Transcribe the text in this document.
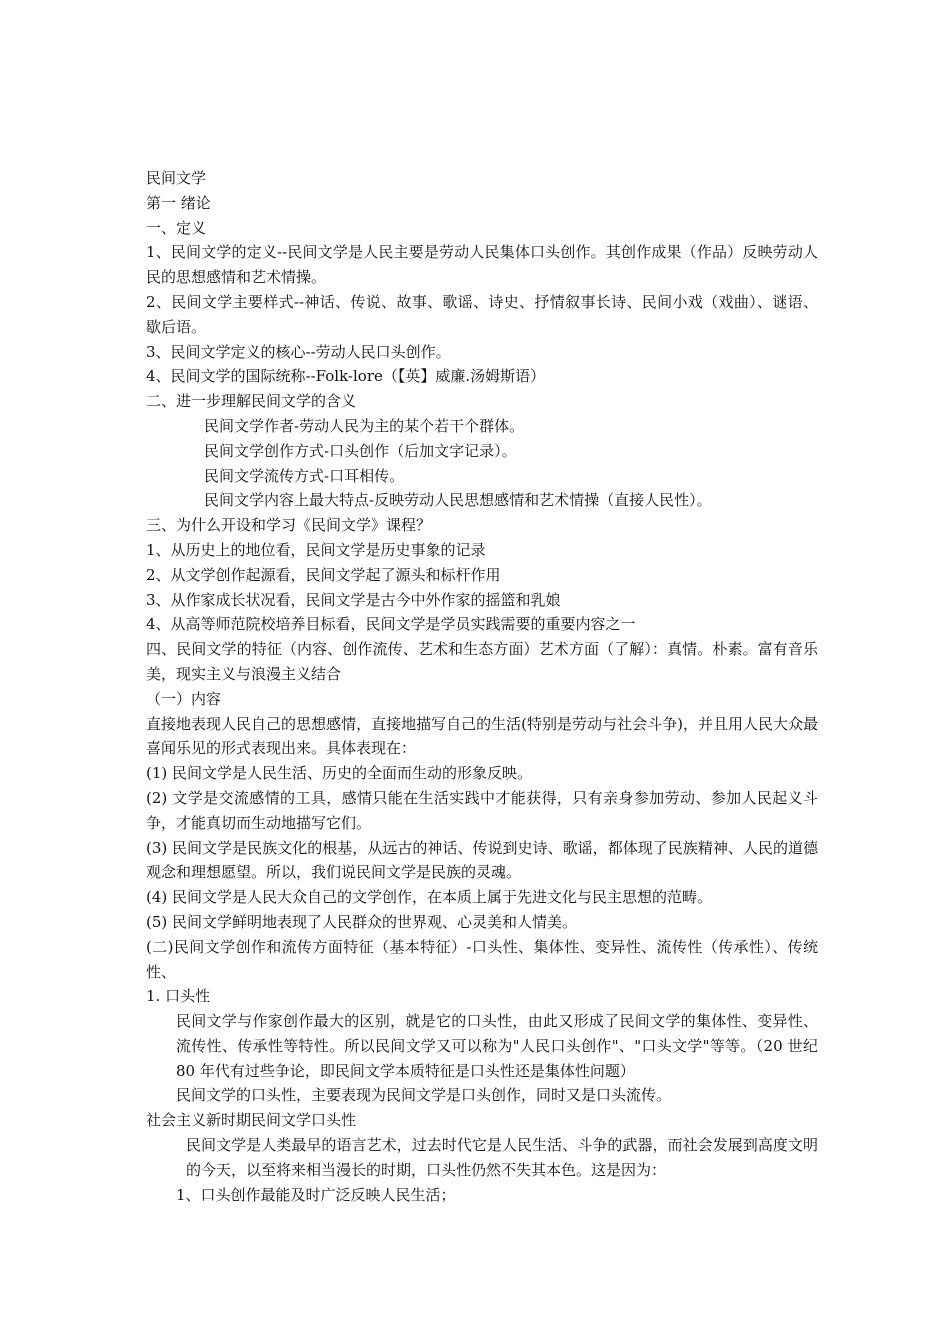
民间文学
第一 绪论
一、定义
1、民间文学的定义--民间文学是人民主要是劳动人民集体口头创作。其创作成果（作品）反映劳动人民的思想感情和艺术情操。
2、民间文学主要样式--神话、传说、故事、歌谣、诗史、抒情叙事长诗、民间小戏（戏曲）、谜语、歇后语。
3、民间文学定义的核心--劳动人民口头创作。
4、民间文学的国际统称--Folk-lore（【英】威廉.汤姆斯语）
二、进一步理解民间文学的含义
民间文学作者-劳动人民为主的某个若干个群体。
民间文学创作方式-口头创作（后加文字记录）。
民间文学流传方式-口耳相传。
民间文学内容上最大特点-反映劳动人民思想感情和艺术情操（直接人民性）。
三、为什么开设和学习《民间文学》课程？
1、从历史上的地位看，民间文学是历史事象的记录
2、从文学创作起源看，民间文学起了源头和标杆作用
3、从作家成长状况看，民间文学是古今中外作家的摇篮和乳娘
4、从高等师范院校培养目标看，民间文学是学员实践需要的重要内容之一
四、民间文学的特征（内容、创作流传、艺术和生态方面）艺术方面（了解）：真情。朴素。富有音乐美，现实主义与浪漫主义结合
（一）内容
直接地表现人民自己的思想感情，直接地描写自己的生活(特别是劳动与社会斗争)，并且用人民大众最喜闻乐见的形式表现出来。具体表现在：
(1) 民间文学是人民生活、历史的全面而生动的形象反映。
(2) 文学是交流感情的工具，感情只能在生活实践中才能获得，只有亲身参加劳动、参加人民起义斗争，才能真切而生动地描写它们。
(3) 民间文学是民族文化的根基，从远古的神话、传说到史诗、歌谣，都体现了民族精神、人民的道德观念和理想愿望。所以，我们说民间文学是民族的灵魂。
(4) 民间文学是人民大众自己的文学创作，在本质上属于先进文化与民主思想的范畴。
(5) 民间文学鲜明地表现了人民群众的世界观、心灵美和人情美。
(二)民间文学创作和流传方面特征（基本特征）-口头性、集体性、变异性、流传性（传承性）、传统性、
1. 口头性
民间文学与作家创作最大的区别，就是它的口头性，由此又形成了民间文学的集体性、变异性、流传性、传承性等特性。所以民间文学又可以称为"人民口头创作"、"口头文学"等等。（20 世纪 80 年代有过些争论，即民间文学本质特征是口头性还是集体性问题）
民间文学的口头性，主要表现为民间文学是口头创作，同时又是口头流传。
社会主义新时期民间文学口头性
民间文学是人类最早的语言艺术，过去时代它是人民生活、斗争的武器，而社会发展到高度文明的今天，以至将来相当漫长的时期，口头性仍然不失其本色。这是因为：
1、口头创作最能及时广泛反映人民生活；
